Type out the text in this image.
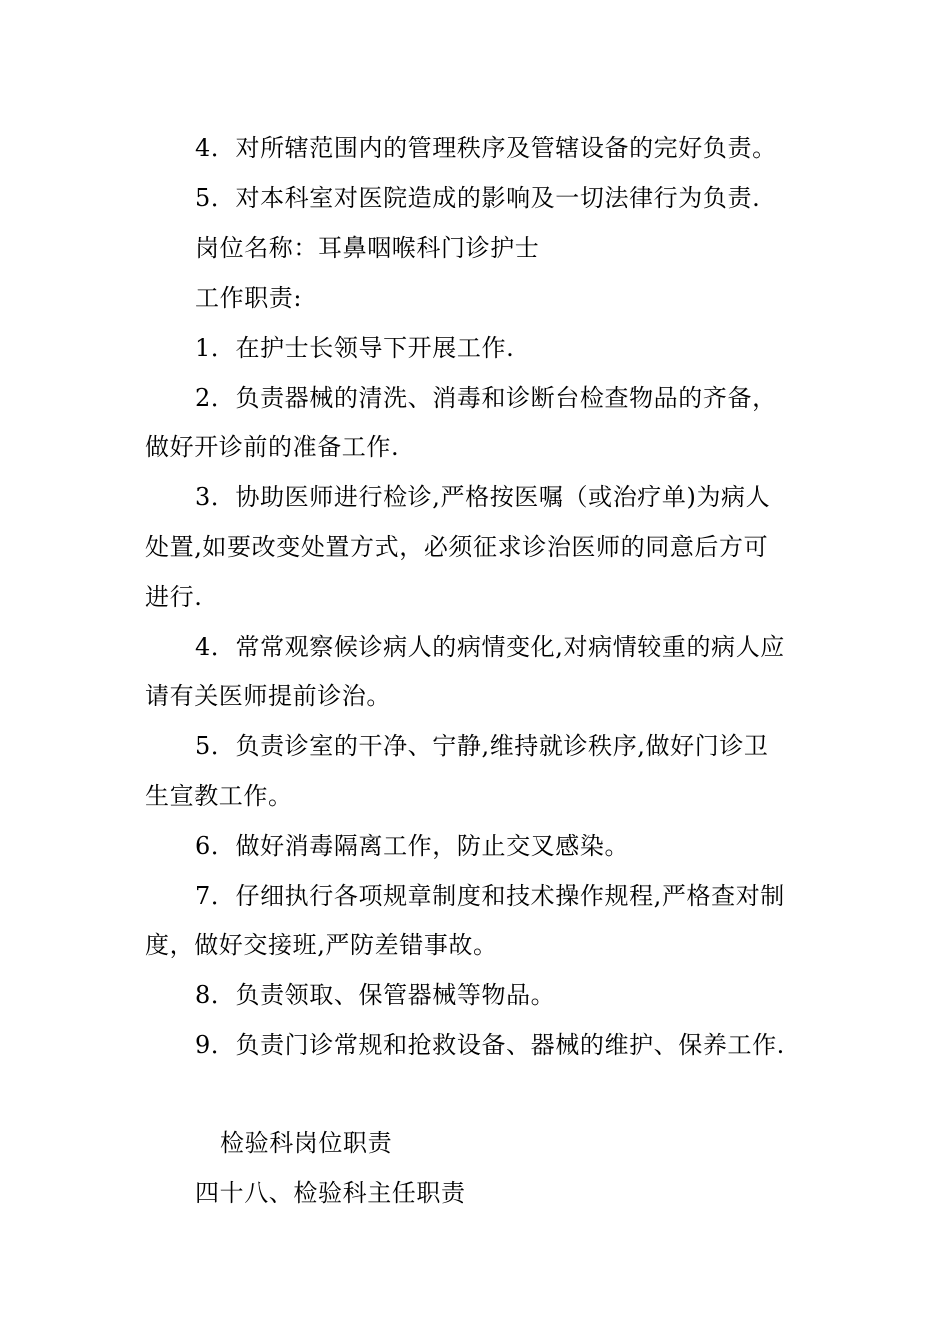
4．对所辖范围内的管理秩序及管辖设备的完好负责。
5．对本科室对医院造成的影响及一切法律行为负责.
岗位名称：耳鼻咽喉科门诊护士
工作职责:
1．在护士长领导下开展工作.
2．负责器械的清洗、消毒和诊断台检查物品的齐备，
做好开诊前的准备工作.
3．协助医师进行检诊,严格按医嘱（或治疗单)为病人
处置,如要改变处置方式，必须征求诊治医师的同意后方可
进行.
4．常常观察候诊病人的病情变化,对病情较重的病人应
请有关医师提前诊治。
5．负责诊室的干净、宁静,维持就诊秩序,做好门诊卫
生宣教工作。
6．做好消毒隔离工作，防止交叉感染。
7．仔细执行各项规章制度和技术操作规程,严格查对制
度，做好交接班,严防差错事故。
8．负责领取、保管器械等物品。
9．负责门诊常规和抢救设备、器械的维护、保养工作.
检验科岗位职责
四十八、检验科主任职责
